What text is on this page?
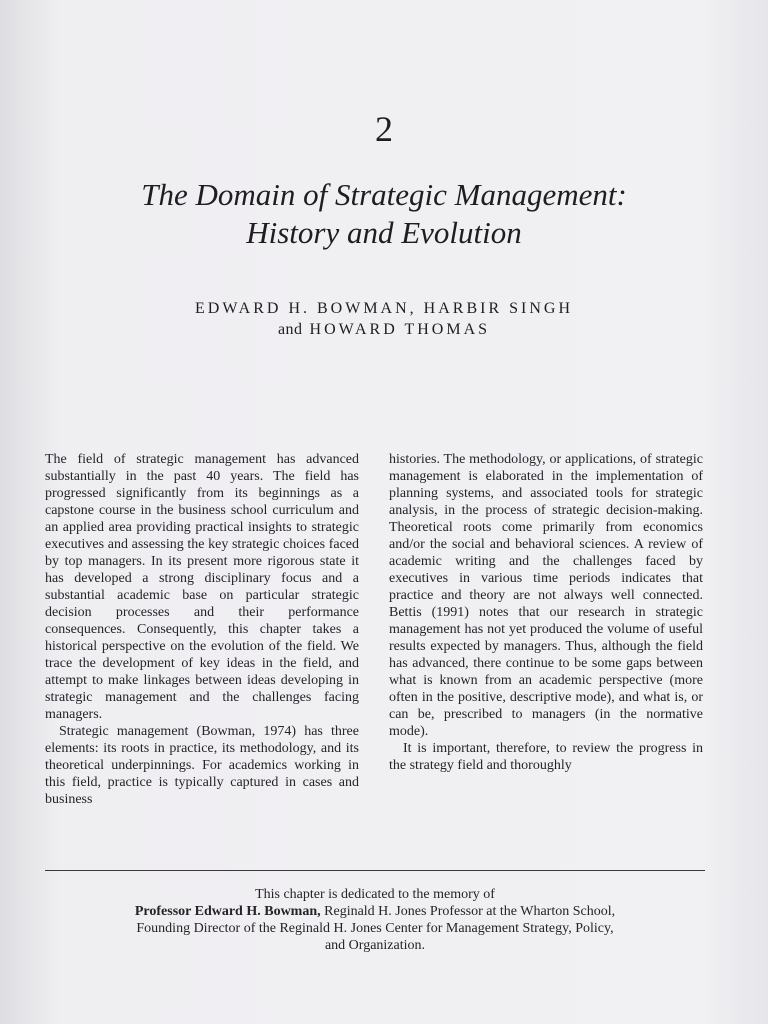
2
The Domain of Strategic Management:
History and Evolution
EDWARD H. BOWMAN, HARBIR SINGH
and HOWARD THOMAS

The field of strategic management has advanced substantially in the past 40 years. The field has progressed significantly from its beginnings as a capstone course in the business school curriculum and an applied area providing practical insights to strategic executives and assessing the key strategic choices faced by top managers. In its present more rigorous state it has developed a strong disciplinary focus and a substantial academic base on particular strategic decision processes and their performance consequences. Consequently, this chapter takes a historical perspective on the evolution of the field. We trace the development of key ideas in the field, and attempt to make linkages between ideas developing in strategic management and the challenges facing managers.

Strategic management (Bowman, 1974) has three elements: its roots in practice, its methodology, and its theoretical underpinnings. For academics working in this field, practice is typically captured in cases and business

histories. The methodology, or applications, of strategic management is elaborated in the implementation of planning systems, and associated tools for strategic analysis, in the process of strategic decision-making. Theoretical roots come primarily from economics and/or the social and behavioral sciences. A review of academic writing and the challenges faced by executives in various time periods indicates that practice and theory are not always well connected. Bettis (1991) notes that our research in strategic management has not yet produced the volume of useful results expected by managers. Thus, although the field has advanced, there continue to be some gaps between what is known from an academic perspective (more often in the positive, descriptive mode), and what is, or can be, prescribed to managers (in the normative mode).

It is important, therefore, to review the progress in the strategy field and thoroughly

This chapter is dedicated to the memory of
Professor Edward H. Bowman, Reginald H. Jones Professor at the Wharton School,
Founding Director of the Reginald H. Jones Center for Management Strategy, Policy,
and Organization.
